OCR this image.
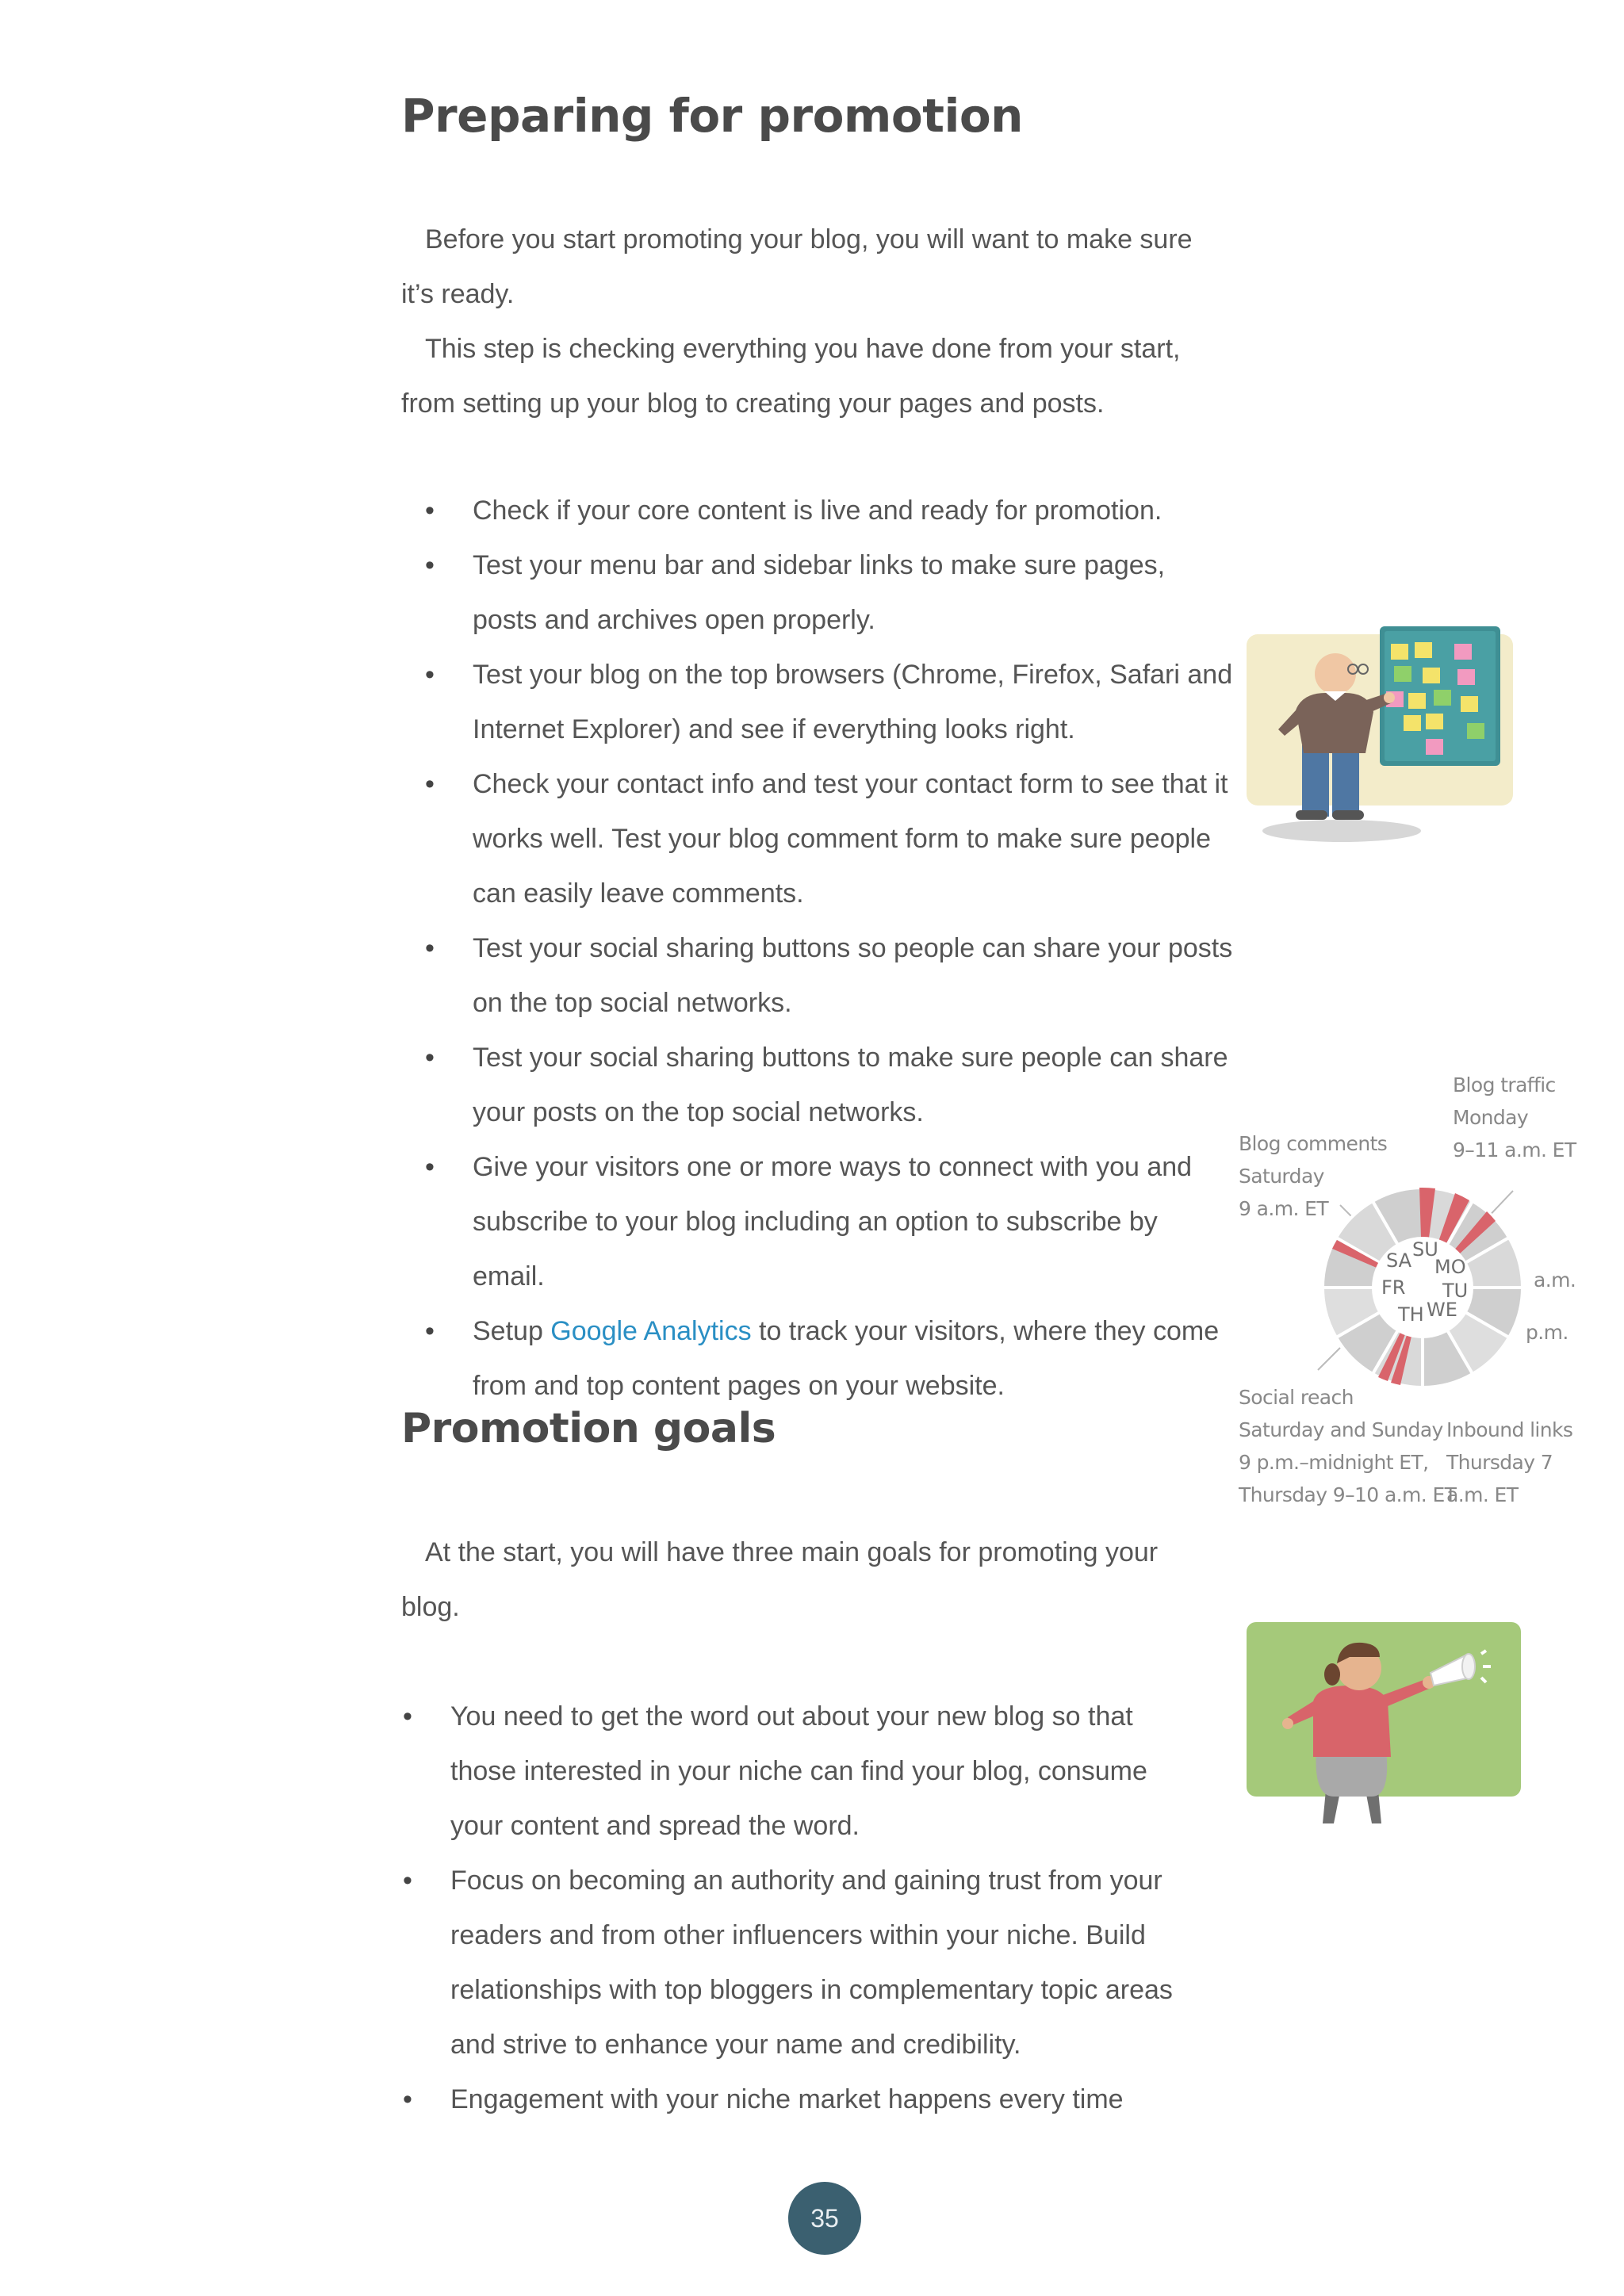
Preparing for promotion

Before you start promoting your blog, you will want to make sure it’s ready.

This step is checking everything you have done from your start, from setting up your blog to creating your pages and posts.

• Check if your core content is live and ready for promotion.
• Test your menu bar and sidebar links to make sure pages, posts and archives open properly.
• Test your blog on the top browsers (Chrome, Firefox, Safari and Internet Explorer) and see if everything looks right.
• Check your contact info and test your contact form to see that it works well. Test your blog comment form to make sure people can easily leave comments.
• Test your social sharing buttons so people can share your posts on the top social networks.
• Test your social sharing buttons to make sure people can share your posts on the top social networks.
• Give your visitors one or more ways to connect with you and subscribe to your blog including an option to subscribe by email.
• Setup Google Analytics to track your visitors, where they come from and top content pages on your website.
Promotion goals

At the start, you will have three main goals for promoting your blog.

• You need to get the word out about your new blog so that those interested in your niche can find your blog, consume your content and spread the word.
• Focus on becoming an authority and gaining trust from your readers and from other influencers within your niche. Build relationships with top bloggers in complementary topic areas and strive to enhance your name and credibility.
• Engagement with your niche market happens every time
Blog traffic
Monday
9–11 a.m. ET
Blog comments
Saturday
9 a.m. ET
Social reach
Saturday and Sunday
9 p.m.–midnight ET,
Thursday 9–10 a.m. ET
Inbound links
Thursday 7
a.m. ET
a.m.
p.m.
SU
MO
TU
WE
TH
FR
SA
35
